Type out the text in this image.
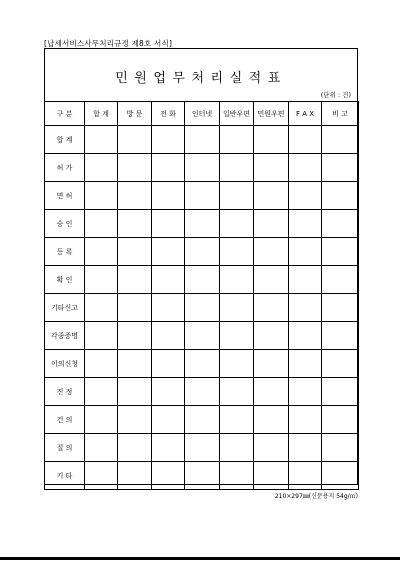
[납세서비스사무처리규정 제8호 서식]
민원업무처리실적표
(단위 : 건)
구 분	합 계	방 문	전 화	인터넷	일반우편	민원우편	F A X	비 고
합 계								
허 가								
면 허								
승 인								
등 록								
확 인								
기타신고								
각종증명								
이의신청								
진 정								
건 의								
질 의								
기 타								
210×297㎜(신문용지 54g/㎡)
